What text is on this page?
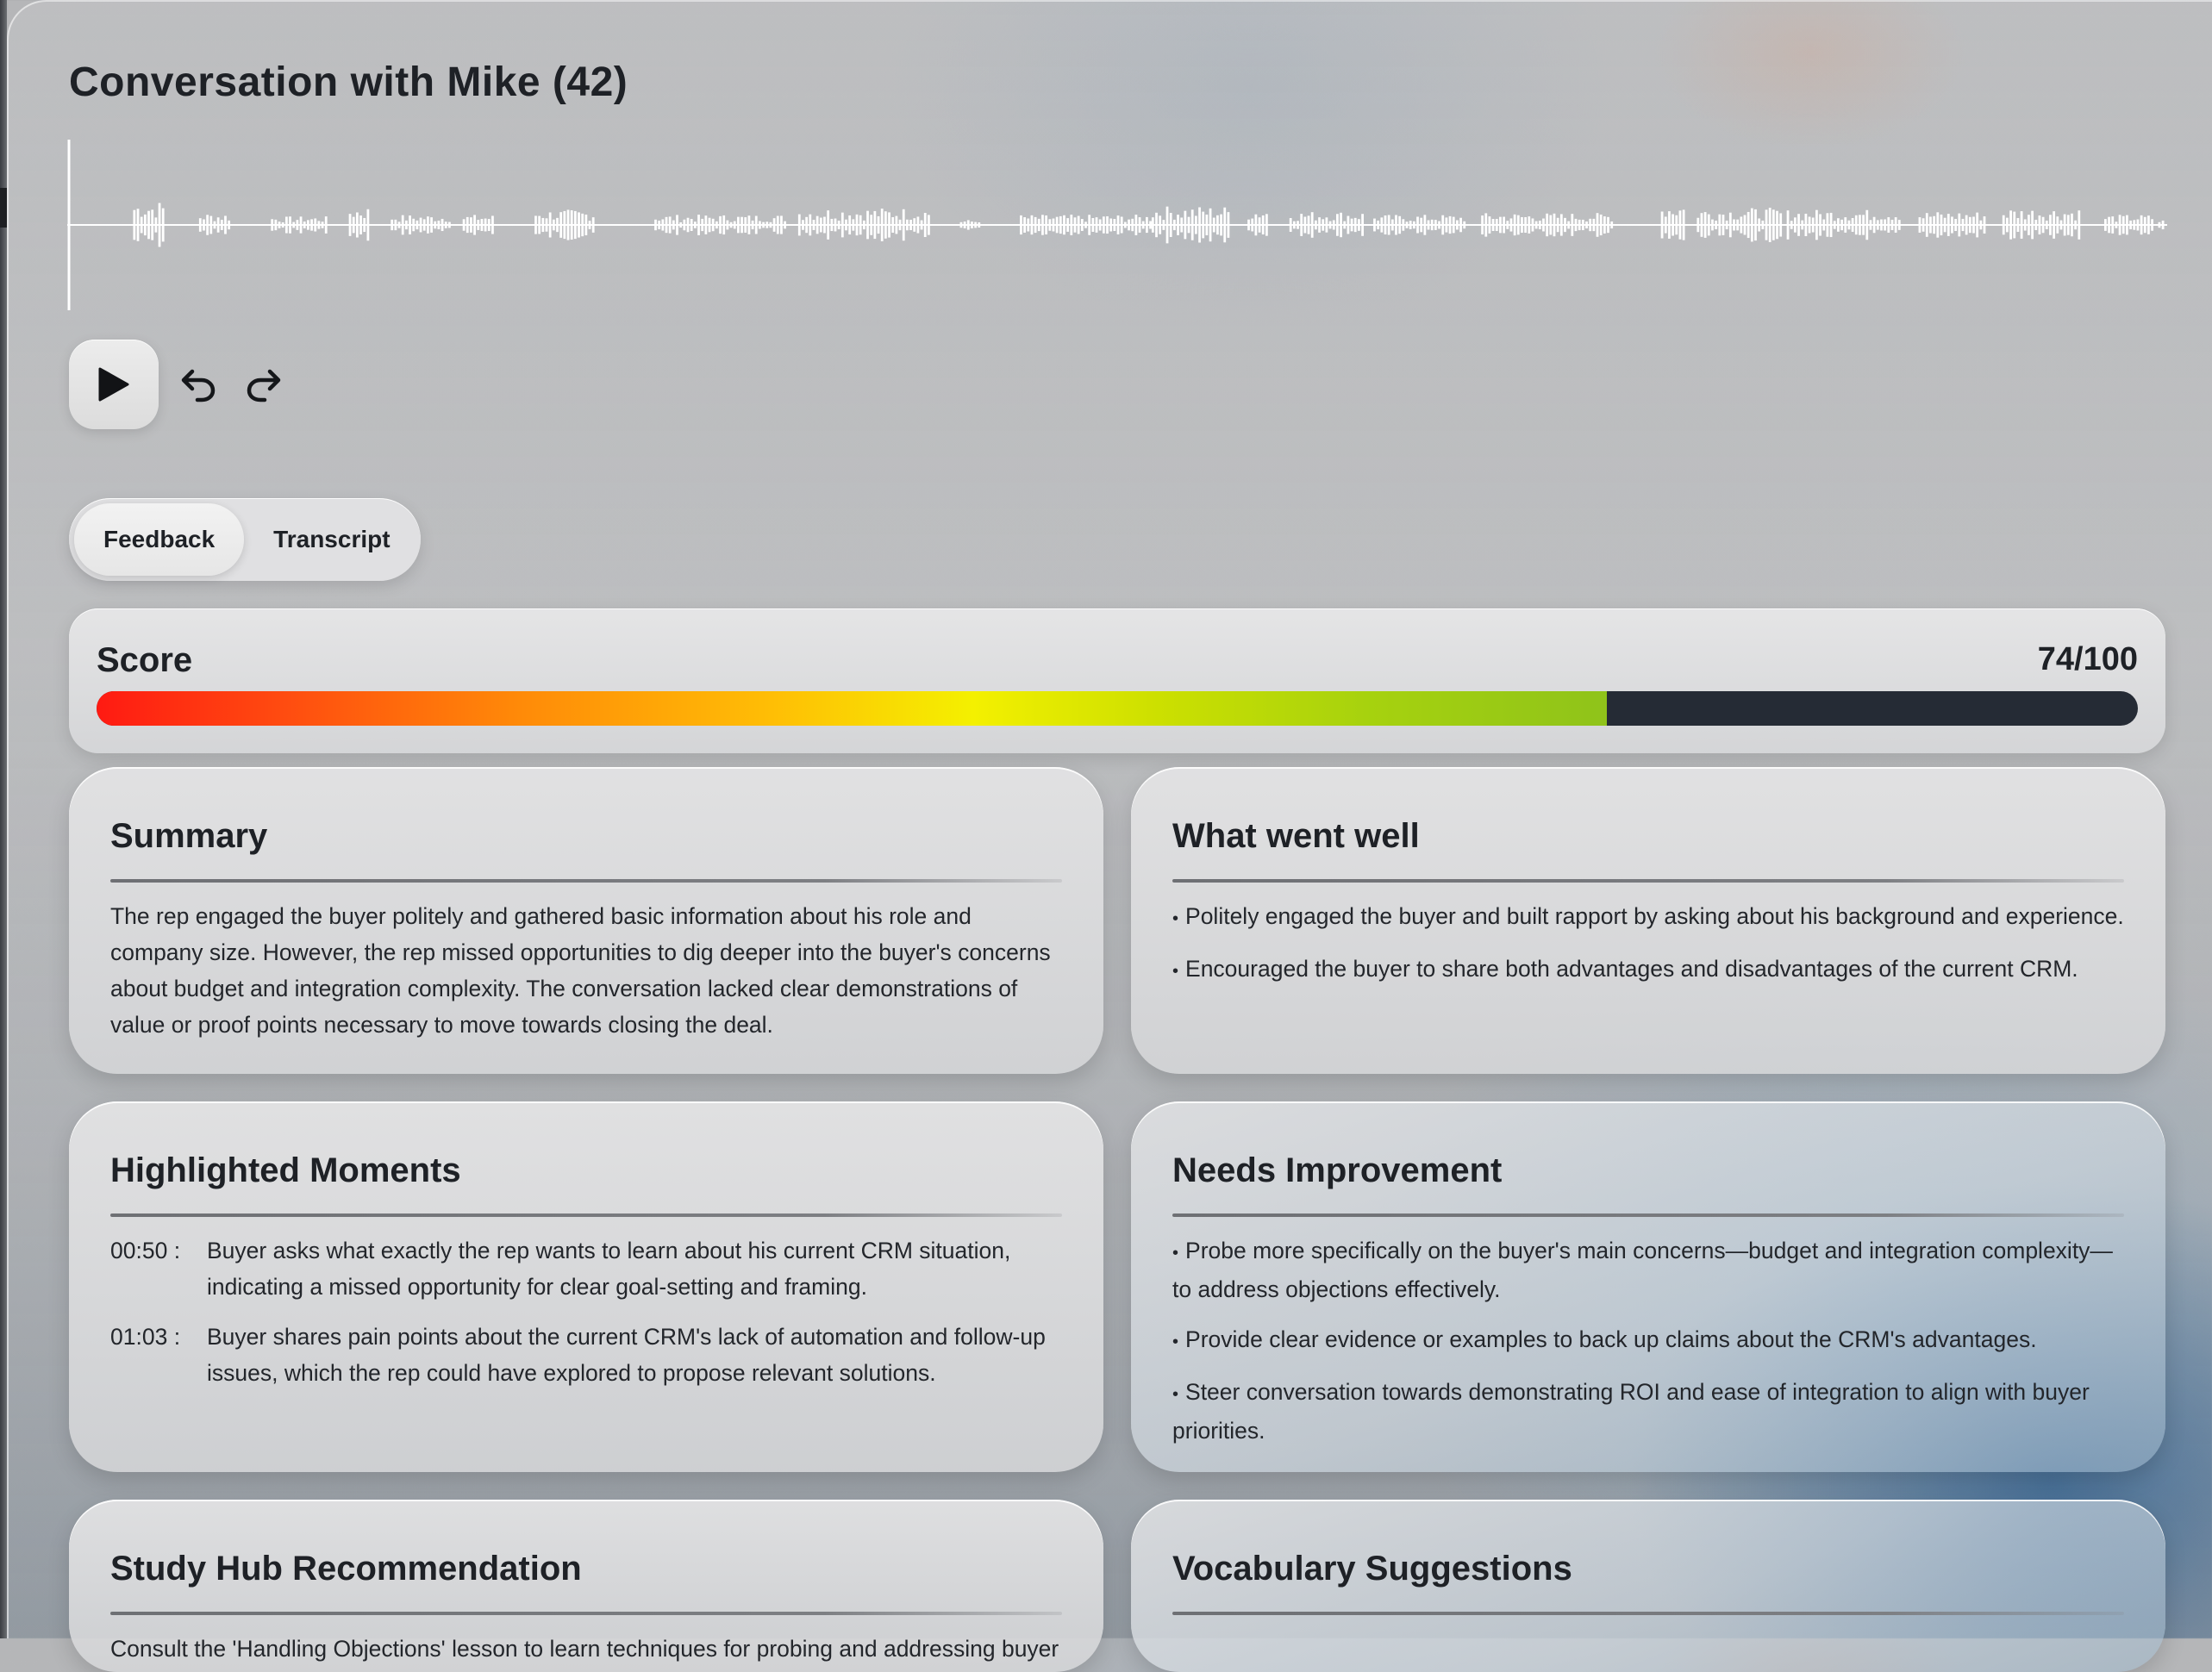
Conversation with Mike (42)
Feedback	Transcript
Score	74/100
Summary

The rep engaged the buyer politely and gathered basic information about his role and company size. However, the rep missed opportunities to dig deeper into the buyer's concerns about budget and integration complexity. The conversation lacked clear demonstrations of value or proof points necessary to move towards closing the deal.

What went well
• Politely engaged the buyer and built rapport by asking about his background and experience.
• Encouraged the buyer to share both advantages and disadvantages of the current CRM.
Highlighted Moments
00:50 :	Buyer asks what exactly the rep wants to learn about his current CRM situation, indicating a missed opportunity for clear goal-setting and framing.
01:03 :	Buyer shares pain points about the current CRM's lack of automation and follow-up issues, which the rep could have explored to propose relevant solutions.
Needs Improvement
• Probe more specifically on the buyer's main concerns—budget and integration complexity—to address objections effectively.
• Provide clear evidence or examples to back up claims about the CRM's advantages.
• Steer conversation towards demonstrating ROI and ease of integration to align with buyer priorities.
Study Hub Recommendation

Consult the 'Handling Objections' lesson to learn techniques for probing and addressing buyer

Vocabulary Suggestions
